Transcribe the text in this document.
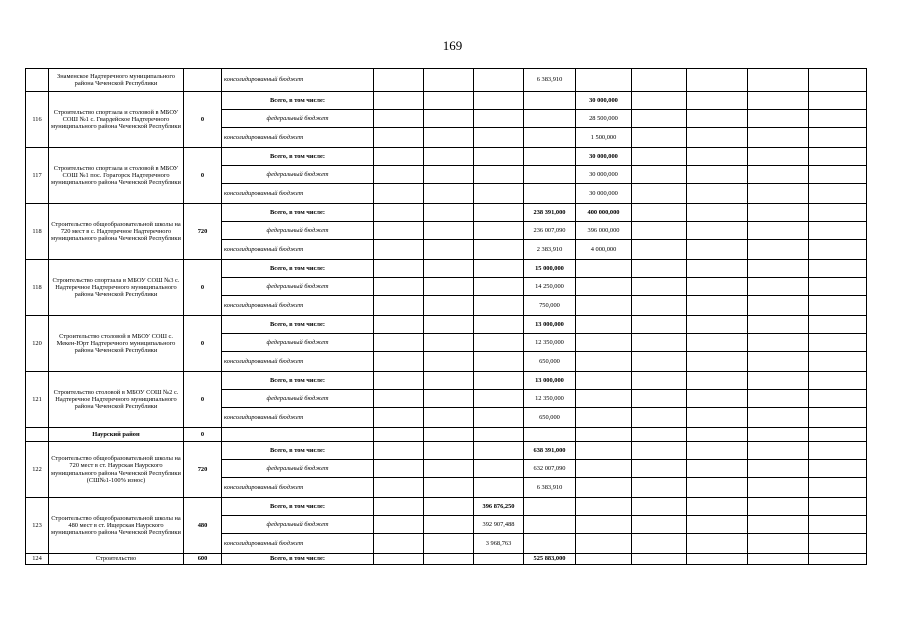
169
	Знаменское Надтеречного муниципального района Чеченской Республики		консолидированный бюджет				6 383,910					
116	Строительство спортзала и столовой в МБОУ СОШ №1 с. Гвардейское Надтеречного муниципального района Чеченской Республики	0	Всего, в том числе:					30 000,000				
			федеральный бюджет					28 500,000				
			консолидированный бюджет					1 500,000				
117	Строительство спортзала и столовой в МБОУ СОШ №1 пос. Горагорск Надтеречного муниципального района Чеченской Республики	0	Всего, в том числе:					30 000,000				
			федеральный бюджет					30 000,000				
			консолидированный бюджет					30 000,000				
118	Строительство общеобразовательной школы на 720 мест в с. Надтеречное Надтеречного муниципального района Чеченской Республики	720	Всего, в том числе:				238 391,000	400 000,000				
			федеральный бюджет				236 007,090	396 000,000				
			консолидированный бюджет				2 383,910	4 000,000				
118	Строительство спортзала в МБОУ СОШ №3 с. Надтеречное Надтеречного муниципального района Чеченской Республики	0	Всего, в том числе:				15 000,000					
			федеральный бюджет				14 250,000					
			консолидированный бюджет				750,000					
120	Строительство столовой в МБОУ СОШ с. Мекен-Юрт Надтеречного муниципального района Чеченской Республики	0	Всего, в том числе:				13 000,000					
			федеральный бюджет				12 350,000					
			консолидированный бюджет				650,000					
121	Строительство столовой в МБОУ СОШ №2 с. Надтеречное Надтеречного муниципального района Чеченской Республики	0	Всего, в том числе:				13 000,000					
			федеральный бюджет				12 350,000					
			консолидированный бюджет				650,000					
	Наурский район	0										
122	Строительство общеобразовательной школы на 720 мест в ст. Наурская Наурского муниципального района Чеченской Республики (СШ№1-100% износ)	720	Всего, в том числе:				638 391,000					
			федеральный бюджет				632 007,090					
			консолидированный бюджет				6 383,910					
123	Строительство общеобразовательной школы на 480 мест в ст. Ищерская Наурского муниципального района Чеченской Республики	480	Всего, в том числе:			396 876,250						
			федеральный бюджет			392 907,488						
			консолидированный бюджет			3 968,763						
124	Строительство	600	Всего, в том числе:				525 883,000					
